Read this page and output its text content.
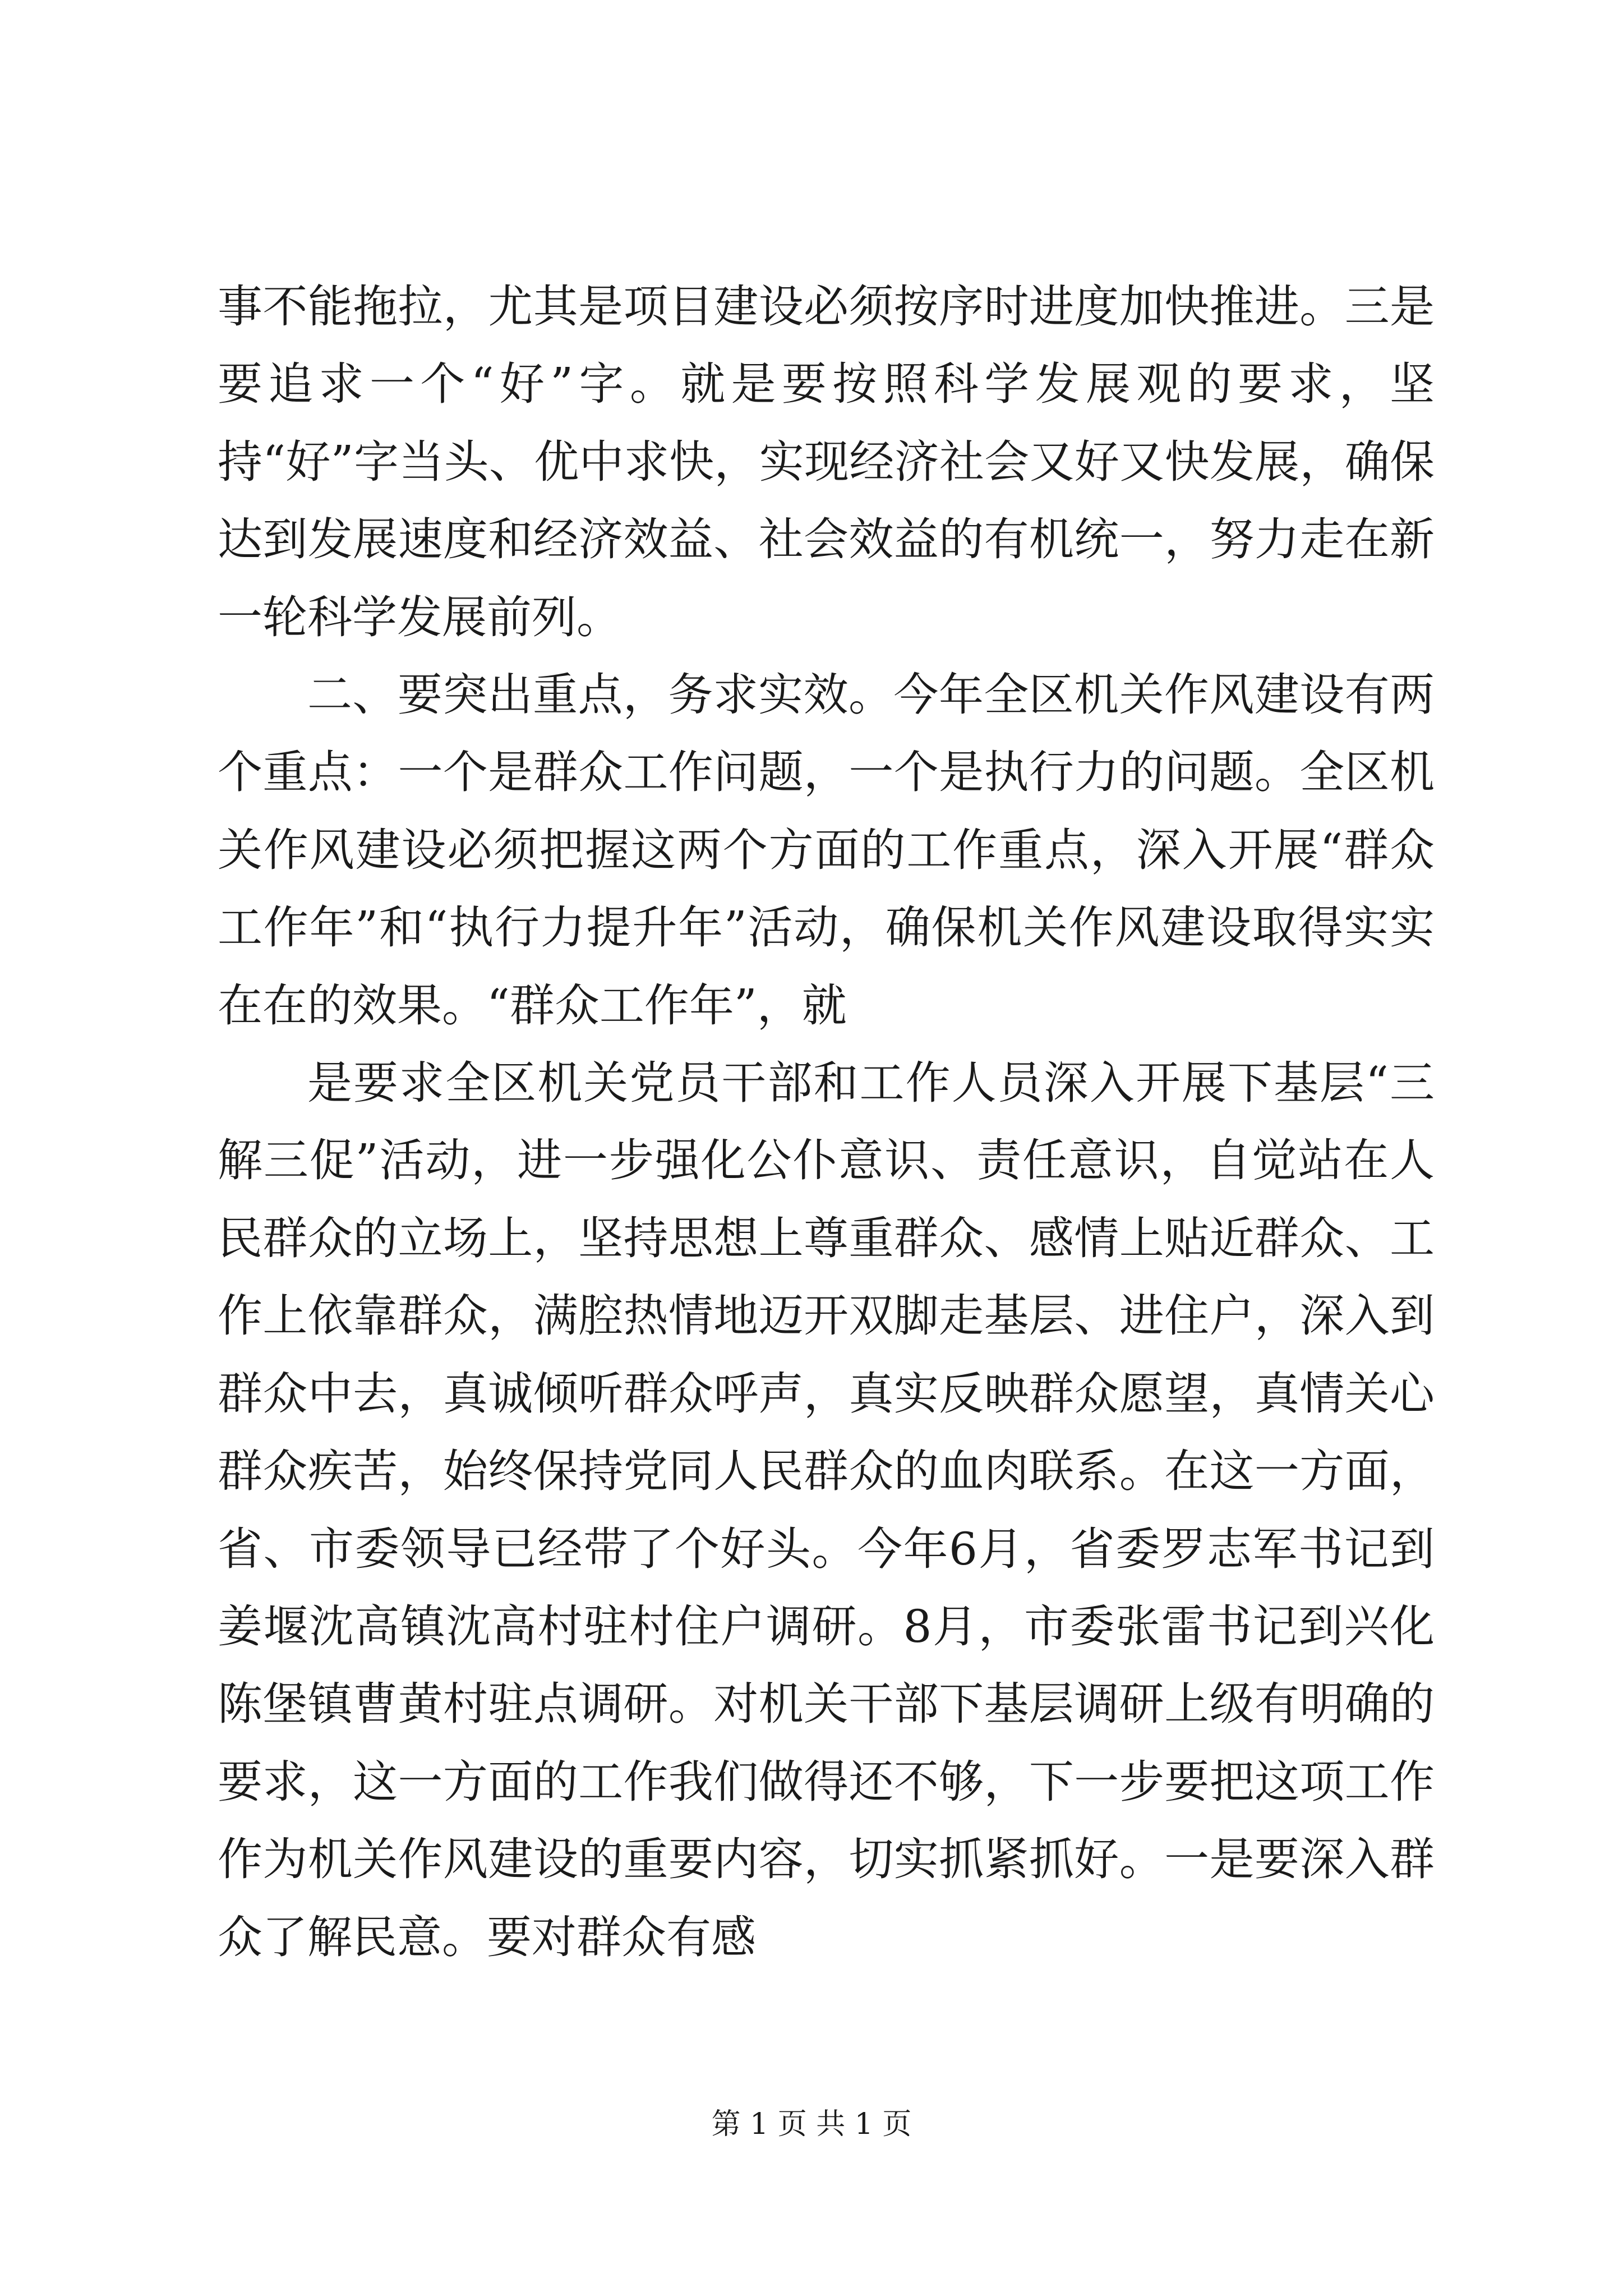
事不能拖拉，尤其是项目建设必须按序时进度加快推进。三是要追求一个“好”字。就是要按照科学发展观的要求，坚持“好”字当头、优中求快，实现经济社会又好又快发展，确保达到发展速度和经济效益、社会效益的有机统一，努力走在新一轮科学发展前列。

二、要突出重点，务求实效。今年全区机关作风建设有两个重点：一个是群众工作问题，一个是执行力的问题。全区机关作风建设必须把握这两个方面的工作重点，深入开展“群众工作年”和“执行力提升年”活动，确保机关作风建设取得实实在在的效果。“群众工作年”，就

是要求全区机关党员干部和工作人员深入开展下基层“三解三促”活动，进一步强化公仆意识、责任意识，自觉站在人民群众的立场上，坚持思想上尊重群众、感情上贴近群众、工作上依靠群众，满腔热情地迈开双脚走基层、进住户，深入到群众中去，真诚倾听群众呼声，真实反映群众愿望，真情关心群众疾苦，始终保持党同人民群众的血肉联系。在这一方面，省、市委领导已经带了个好头。今年6月，省委罗志军书记到姜堰沈高镇沈高村驻村住户调研。8月，市委张雷书记到兴化陈堡镇曹黄村驻点调研。对机关干部下基层调研上级有明确的要求，这一方面的工作我们做得还不够，下一步要把这项工作作为机关作风建设的重要内容，切实抓紧抓好。一是要深入群众了解民意。要对群众有感

第 1 页 共 1 页
